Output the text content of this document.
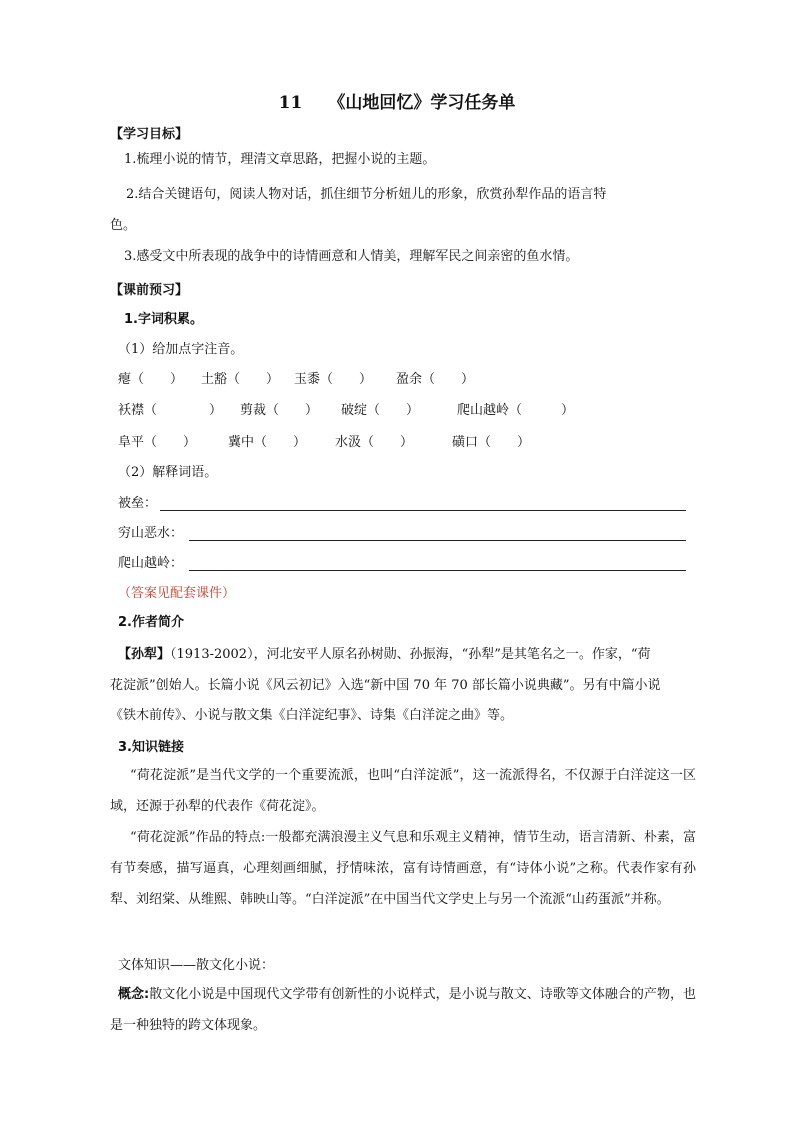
11 《山地回忆》学习任务单
【学习目标】
1.梳理小说的情节，理清文章思路，把握小说的主题。
2.结合关键语句，阅读人物对话，抓住细节分析妞儿的形象，欣赏孙犁作品的语言特
色。
3.感受文中所表现的战争中的诗情画意和人情美，理解军民之间亲密的鱼水情。
【课前预习】
1.字词积累。
（1）给加点字注音。
瘪（　　） 土豁（　　） 玉黍（　　） 盈余（　　）
袄襟（　　　　） 剪裁（　　） 破绽（　　）	爬山越岭（　　　）
阜平（　　） 冀中（　　） 水汲（　　）	磺口（　　）
（2）解释词语。
被垒：
穷山恶水：
爬山越岭：
（答案见配套课件）
2.作者简介
【孙犁】（1913-2002），河北安平人原名孙树勋、孙振海，“孙犁”是其笔名之一。作家，“荷
花淀派”创始人。长篇小说《风云初记》入选“新中国 70 年 70 部长篇小说典藏”。另有中篇小说
《铁木前传》、小说与散文集《白洋淀纪事》、诗集《白洋淀之曲》等。
3.知识链接
“荷花淀派”是当代文学的一个重要流派，也叫“白洋淀派”，这一流派得名，不仅源于白洋淀这一区域，还源于孙犁的代表作《荷花淀》。
“荷花淀派”作品的特点:一般都充满浪漫主义气息和乐观主义精神，情节生动，语言清新、朴素，富有节奏感，描写逼真，心理刻画细腻，抒情味浓，富有诗情画意，有“诗体小说”之称。代表作家有孙犁、刘绍棠、从维熙、韩映山等。“白洋淀派”在中国当代文学史上与另一个流派“山药蛋派”并称。
文体知识——散文化小说：
概念:散文化小说是中国现代文学带有创新性的小说样式，是小说与散文、诗歌等文体融合的产物，也是一种独特的跨文体现象。
